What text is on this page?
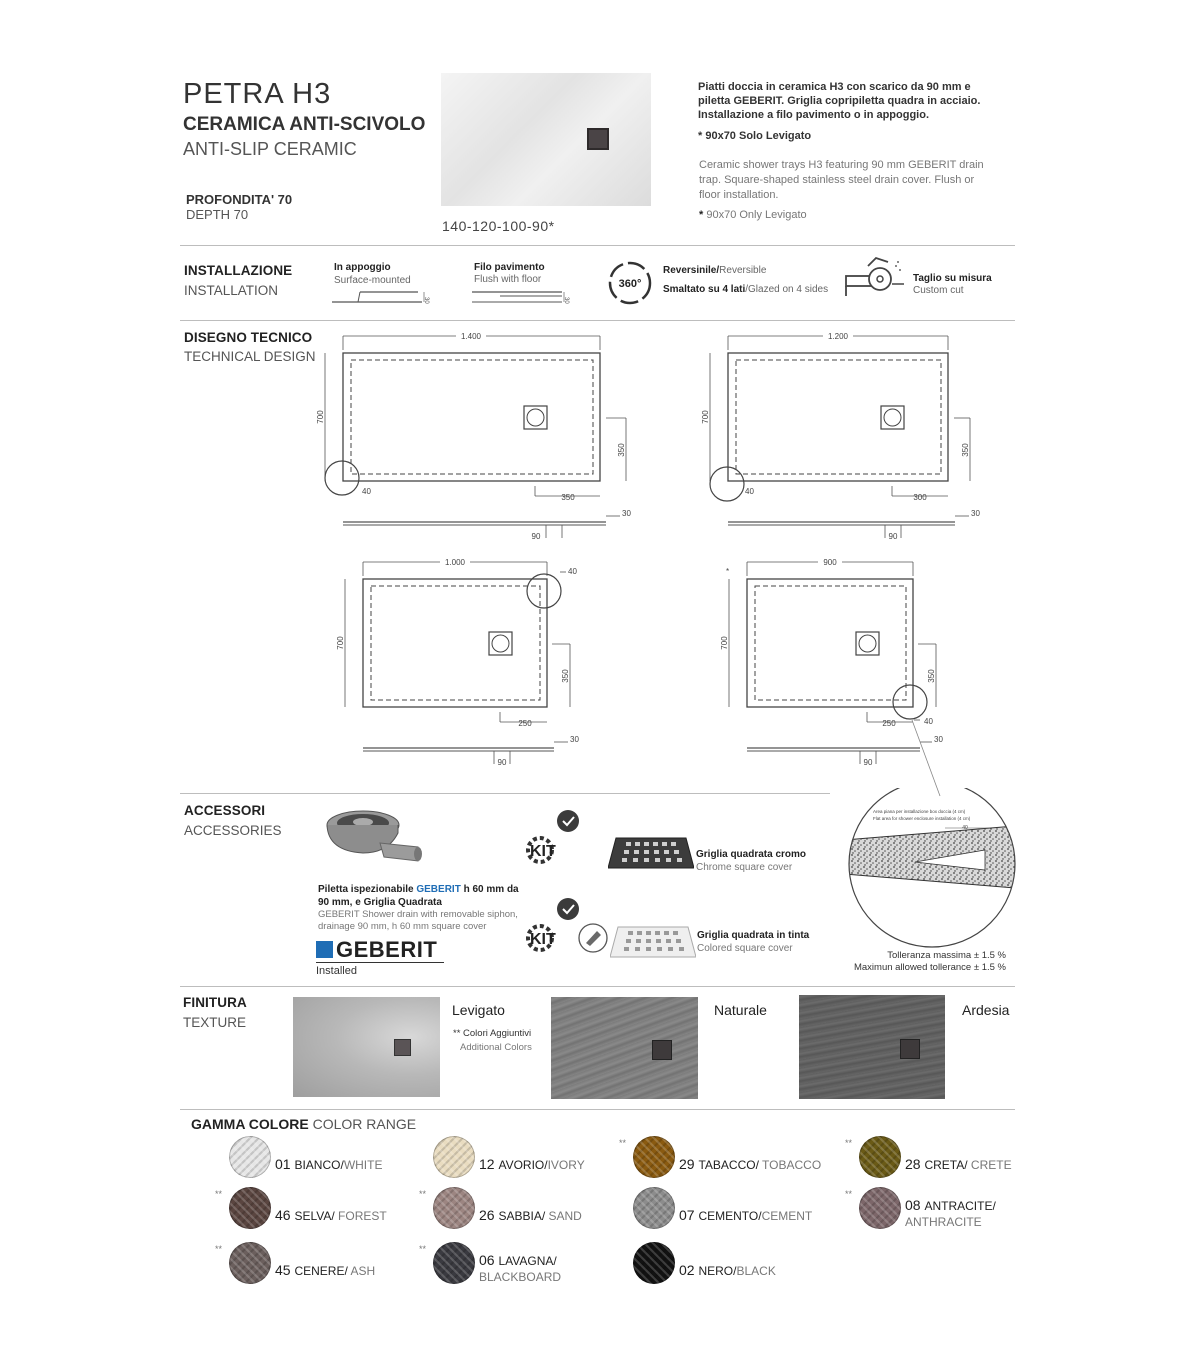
PETRA H3
CERAMICA ANTI-SCIVOLO
ANTI-SLIP CERAMIC
PROFONDITA' 70
DEPTH 70
140-120-100-90*
Piatti doccia in ceramica H3 con scarico da 90 mm e piletta GEBERIT. Griglia copripiletta quadra in acciaio. Installazione a filo pavimento o in appoggio.
* 90x70 Solo Levigato
Ceramic shower trays H3 featuring 90 mm GEBERIT drain trap. Square-shaped stainless steel drain cover. Flush or floor installation.
* 90x70 Only Levigato
INSTALLAZIONE
INSTALLATION
In appoggio
Surface-mounted
30
Filo pavimento
Flush with floor
30
360°
Reversinile/Reversible
Smaltato su 4 lati/Glazed on 4 sides
Taglio su misura
Custom cut
DISEGNO TECNICO
TECHNICAL DESIGN
1.400
700
350
350
40
90
30
1.200
700
350
300
40
90
30
1.000
700
350
250
40
90
30
*
900
700
350
250	40
90
30
ACCESSORI
ACCESSORIES
Piletta ispezionabile GEBERIT h 60 mm da 90 mm, e Griglia Quadrata
GEBERIT Shower drain with removable siphon, drainage 90 mm, h 60 mm square cover
GEBERIT
Installed
KIT	Griglia quadrata cromo
Chrome square cover
KIT	Griglia quadrata in tinta
Colored square cover
Area piana per installazione box doccia (4 cm)
Flat area for shower enclosure installation (4 cm)
40
Tolleranza massima ± 1.5 %
Maximun allowed tollerance ± 1.5 %
FINITURA
TEXTURE
Levigato
** Colori Aggiuntivi
Additional Colors
Naturale	Ardesia
GAMMA COLORE COLOR RANGE
01 BIANCO/WHITE
**
46 SELVA/ FOREST
**
45 CENERE/ ASH
12 AVORIO/IVORY
**
26 SABBIA/ SAND
**
06 LAVAGNA/
BLACKBOARD
**
29 TABACCO/ TOBACCO
07 CEMENTO/CEMENT
02 NERO/BLACK
**
28 CRETA/ CRETE
**
08 ANTRACITE/
ANTHRACITE
